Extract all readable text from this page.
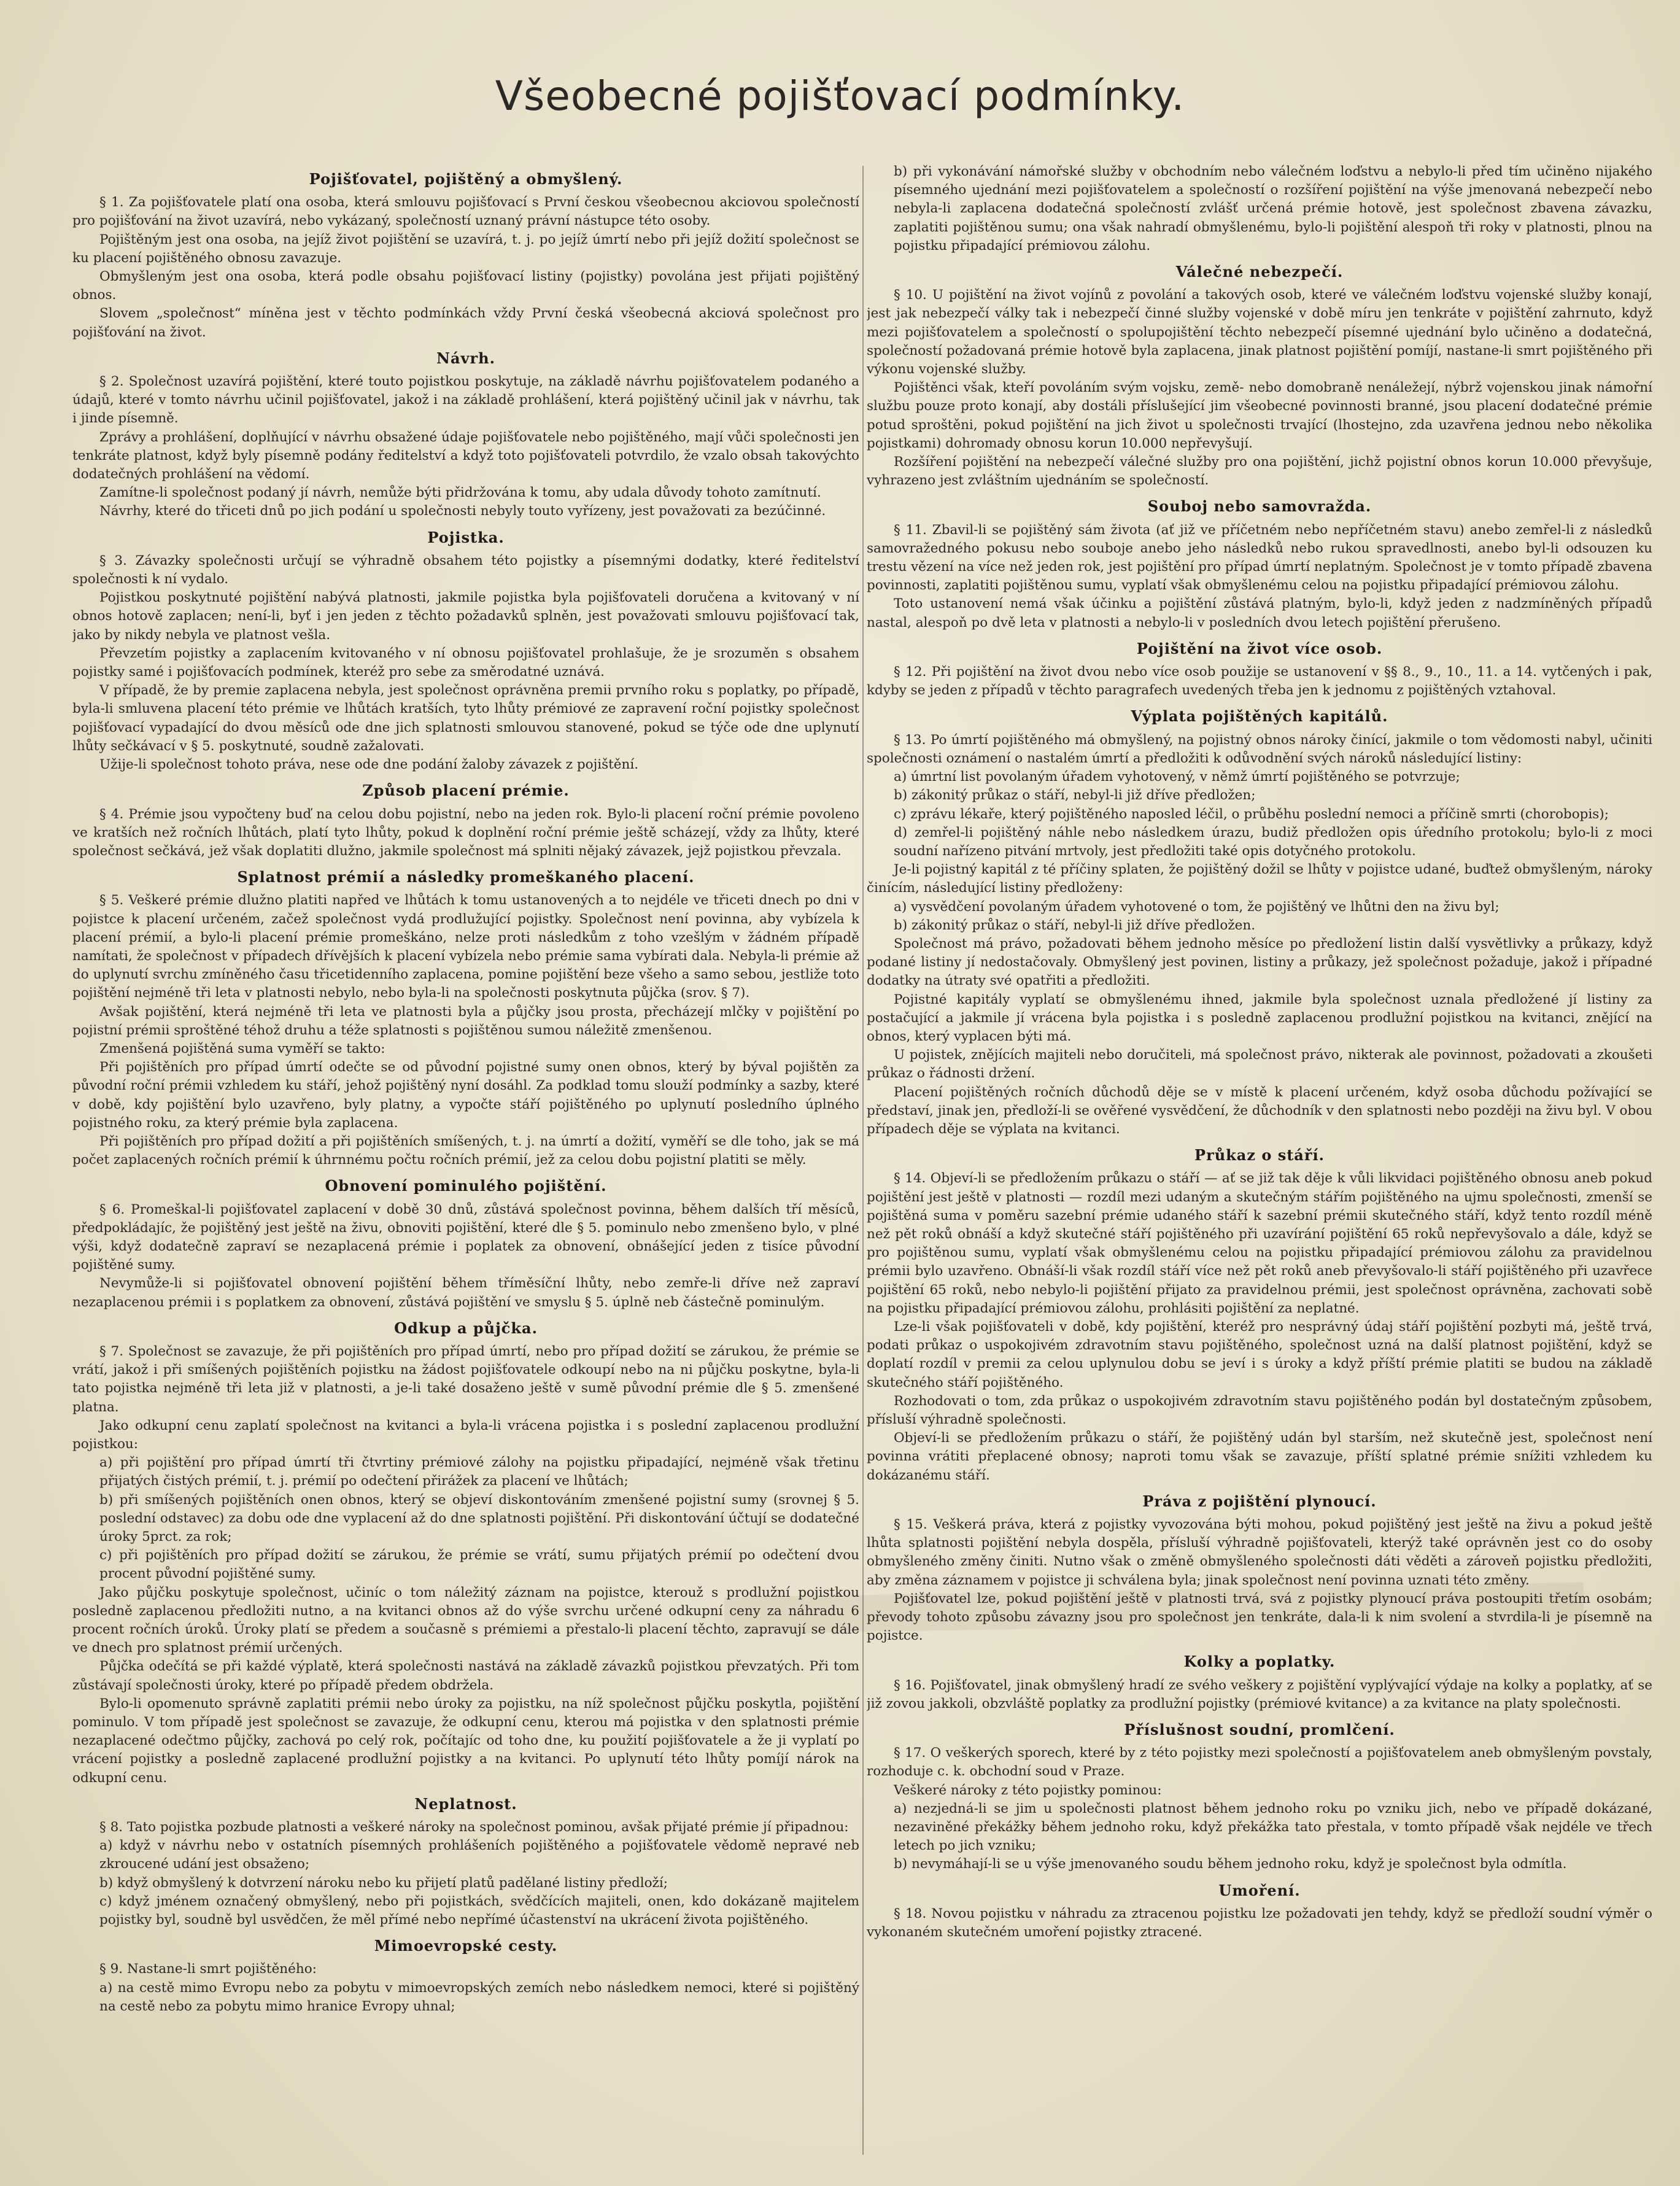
Všeobecné pojišťovací podmínky.
Pojišťovatel, pojištěný a obmyšlený.

§ 1. Za pojišťovatele platí ona osoba, která smlouvu pojišťovací s První českou všeobecnou akciovou společností pro pojišťování na život uzavírá, nebo vykázaný, společností uznaný právní nástupce této osoby.

Pojištěným jest ona osoba, na jejíž život pojištění se uzavírá, t. j. po jejíž úmrtí nebo při jejíž dožití společnost se ku placení pojištěného obnosu zavazuje.

Obmyšleným jest ona osoba, která podle obsahu pojišťovací listiny (pojistky) povolána jest přijati pojištěný obnos.

Slovem „společnost“ míněna jest v těchto podmínkách vždy První česká všeobecná akciová společnost pro pojišťování na život.

Návrh.

§ 2. Společnost uzavírá pojištění, které touto pojistkou poskytuje, na základě návrhu pojišťovatelem podaného a údajů, které v tomto návrhu učinil pojišťovatel, jakož i na základě prohlášení, která pojištěný učinil jak v návrhu, tak i jinde písemně.

Zprávy a prohlášení, doplňující v návrhu obsažené údaje pojišťovatele nebo pojištěného, mají vůči společnosti jen tenkráte platnost, když byly písemně podány ředitelství a když toto pojišťovateli potvrdilo, že vzalo obsah takovýchto dodatečných prohlášení na vědomí.

Zamítne-li společnost podaný jí návrh, nemůže býti přidržována k tomu, aby udala důvody tohoto zamítnutí.

Návrhy, které do třiceti dnů po jich podání u společnosti nebyly touto vyřízeny, jest považovati za bezúčinné.

Pojistka.

§ 3. Závazky společnosti určují se výhradně obsahem této pojistky a písemnými dodatky, které ředitelství společnosti k ní vydalo.

Pojistkou poskytnuté pojištění nabývá platnosti, jakmile pojistka byla pojišťovateli doručena a kvitovaný v ní obnos hotově zaplacen; není-li, byť i jen jeden z těchto požadavků splněn, jest považovati smlouvu pojišťovací tak, jako by nikdy nebyla ve platnost vešla.

Převzetím pojistky a zaplacením kvitovaného v ní obnosu pojišťovatel prohlašuje, že je srozuměn s obsahem pojistky samé i pojišťovacích podmínek, kteréž pro sebe za směrodatné uznává.

V případě, že by premie zaplacena nebyla, jest společnost oprávněna premii prvního roku s poplatky, po případě, byla-li smluvena placení této prémie ve lhůtách kratších, tyto lhůty prémiové ze zapravení roční pojistky společnost pojišťovací vypadající do dvou měsíců ode dne jich splatnosti smlouvou stanovené, pokud se týče ode dne uplynutí lhůty sečkávací v § 5. poskytnuté, soudně zažalovati.

Užije-li společnost tohoto práva, nese ode dne podání žaloby závazek z pojištění.

Způsob placení prémie.

§ 4. Prémie jsou vypočteny buď na celou dobu pojistní, nebo na jeden rok. Bylo-li placení roční prémie povoleno ve kratších než ročních lhůtách, platí tyto lhůty, pokud k doplnění roční prémie ještě scházejí, vždy za lhůty, které společnost sečkává, jež však doplatiti dlužno, jakmile společnost má splniti nějaký závazek, jejž pojistkou převzala.

Splatnost prémií a následky promeškaného placení.

§ 5. Veškeré prémie dlužno platiti napřed ve lhůtách k tomu ustanovených a to nejdéle ve třiceti dnech po dni v pojistce k placení určeném, začež společnost vydá prodlužující pojistky. Společnost není povinna, aby vybízela k placení prémií, a bylo-li placení prémie promeškáno, nelze proti následkům z toho vzešlým v žádném případě namítati, že společnost v případech dřívějších k placení vybízela nebo prémie sama vybírati dala. Nebyla-li prémie až do uplynutí svrchu zmíněného času třicetidenního zaplacena, pomine pojištění beze všeho a samo sebou, jestliže toto pojištění nejméně tři leta v platnosti nebylo, nebo byla-li na společnosti poskytnuta půjčka (srov. § 7).

Avšak pojištění, která nejméně tři leta ve platnosti byla a půjčky jsou prosta, přecházejí mlčky v pojištění po pojistní prémii sproštěné téhož druhu a téže splatnosti s pojištěnou sumou náležitě zmenšenou.

Zmenšená pojištěná suma vyměří se takto:

Při pojištěních pro případ úmrtí odečte se od původní pojistné sumy onen obnos, který by býval pojištěn za původní roční prémii vzhledem ku stáří, jehož pojištěný nyní dosáhl. Za podklad tomu slouží podmínky a sazby, které v době, kdy pojištění bylo uzavřeno, byly platny, a vypočte stáří pojištěného po uplynutí posledního úplného pojistného roku, za který prémie byla zaplacena.

Při pojištěních pro případ dožití a při pojištěních smíšených, t. j. na úmrtí a dožití, vyměří se dle toho, jak se má počet zaplacených ročních prémií k úhrnnému počtu ročních prémií, jež za celou dobu pojistní platiti se měly.

Obnovení pominulého pojištění.

§ 6. Promeškal-li pojišťovatel zaplacení v době 30 dnů, zůstává společnost povinna, během dalších tří měsíců, předpokládajíc, že pojištěný jest ještě na živu, obnoviti pojištění, které dle § 5. pominulo nebo zmenšeno bylo, v plné výši, když dodatečně zapraví se nezaplacená prémie i poplatek za obnovení, obnášející jeden z tisíce původní pojištěné sumy.

Nevymůže-li si pojišťovatel obnovení pojištění během tříměsíční lhůty, nebo zemře-li dříve než zapraví nezaplacenou prémii i s poplatkem za obnovení, zůstává pojištění ve smyslu § 5. úplně neb částečně pominulým.

Odkup a půjčka.

§ 7. Společnost se zavazuje, že při pojištěních pro případ úmrtí, nebo pro případ dožití se zárukou, že prémie se vrátí, jakož i při smíšených pojištěních pojistku na žádost pojišťovatele odkoupí nebo na ni půjčku poskytne, byla-li tato pojistka nejméně tři leta již v platnosti, a je-li také dosaženo ještě v sumě původní prémie dle § 5. zmenšené platna.

Jako odkupní cenu zaplatí společnost na kvitanci a byla-li vrácena pojistka i s poslední zaplacenou prodlužní pojistkou:

a) při pojištění pro případ úmrtí tři čtvrtiny prémiové zálohy na pojistku připadající, nejméně však třetinu přijatých čistých prémií, t. j. prémií po odečtení přirážek za placení ve lhůtách;

b) při smíšených pojištěních onen obnos, který se objeví diskontováním zmenšené pojistní sumy (srovnej § 5. poslední odstavec) za dobu ode dne vyplacení až do dne splatnosti pojištění. Při diskontování účtují se dodatečné úroky 5prct. za rok;

c) při pojištěních pro případ dožití se zárukou, že prémie se vrátí, sumu přijatých prémií po odečtení dvou procent původní pojištěné sumy.

Jako půjčku poskytuje společnost, učiníc o tom náležitý záznam na pojistce, kterouž s prodlužní pojistkou posledně zaplacenou předložiti nutno, a na kvitanci obnos až do výše svrchu určené odkupní ceny za náhradu 6 procent ročních úroků. Úroky platí se předem a současně s prémiemi a přestalo-li placení těchto, zapravují se dále ve dnech pro splatnost prémií určených.

Půjčka odečítá se při každé výplatě, která společnosti nastává na základě závazků pojistkou převzatých. Při tom zůstávají společnosti úroky, které po případě předem obdržela.

Bylo-li opomenuto správně zaplatiti prémii nebo úroky za pojistku, na níž společnost půjčku poskytla, pojištění pominulo. V tom případě jest společnost se zavazuje, že odkupní cenu, kterou má pojistka v den splatnosti prémie nezaplacené odečtmo půjčky, zachová po celý rok, počítajíc od toho dne, ku použití pojišťovatele a že ji vyplatí po vrácení pojistky a posledně zaplacené prodlužní pojistky a na kvitanci. Po uplynutí této lhůty pomíjí nárok na odkupní cenu.

Neplatnost.

§ 8. Tato pojistka pozbude platnosti a veškeré nároky na společnost pominou, avšak přijaté prémie jí připadnou:

a) když v návrhu nebo v ostatních písemných prohlášeních pojištěného a pojišťovatele vědomě nepravé neb zkroucené udání jest obsaženo;

b) když obmyšlený k dotvrzení nároku nebo ku přijetí platů padělané listiny předloží;

c) když jménem označený obmyšlený, nebo při pojistkách, svědčících majiteli, onen, kdo dokázaně majitelem pojistky byl, soudně byl usvědčen, že měl přímé nebo nepřímé účastenství na ukrácení života pojištěného.

Mimoevropské cesty.

§ 9. Nastane-li smrt pojištěného:

a) na cestě mimo Evropu nebo za pobytu v mimoevropských zemích nebo následkem nemoci, které si pojištěný na cestě nebo za pobytu mimo hranice Evropy uhnal;

b) při vykonávání námořské služby v obchodním nebo válečném loďstvu a nebylo-li před tím učiněno nijakého písemného ujednání mezi pojišťovatelem a společností o rozšíření pojištění na výše jmenovaná nebezpečí nebo nebyla-li zaplacena dodatečná společností zvlášť určená prémie hotově, jest společnost zbavena závazku, zaplatiti pojištěnou sumu; ona však nahradí obmyšlenému, bylo-li pojištění alespoň tři roky v platnosti, plnou na pojistku připadající prémiovou zálohu.

Válečné nebezpečí.

§ 10. U pojištění na život vojínů z povolání a takových osob, které ve válečném loďstvu vojenské služby konají, jest jak nebezpečí války tak i nebezpečí činné služby vojenské v době míru jen tenkráte v pojištění zahrnuto, když mezi pojišťovatelem a společností o spolupojištění těchto nebezpečí písemné ujednání bylo učiněno a dodatečná, společností požadovaná prémie hotově byla zaplacena, jinak platnost pojištění pomíjí, nastane-li smrt pojištěného při výkonu vojenské služby.

Pojištěnci však, kteří povoláním svým vojsku, země- nebo domobraně nenáležejí, nýbrž vojenskou jinak námořní službu pouze proto konají, aby dostáli příslušející jim všeobecné povinnosti branné, jsou placení dodatečné prémie potud sproštěni, pokud pojištění na jich život u společnosti trvající (lhostejno, zda uzavřena jednou nebo několika pojistkami) dohromady obnosu korun 10.000 nepřevyšují.

Rozšíření pojištění na nebezpečí válečné služby pro ona pojištění, jichž pojistní obnos korun 10.000 převyšuje, vyhrazeno jest zvláštním ujednáním se společností.

Souboj nebo samovražda.

§ 11. Zbavil-li se pojištěný sám života (ať již ve příčetném nebo nepříčetném stavu) anebo zemřel-li z následků samovražedného pokusu nebo souboje anebo jeho následků nebo rukou spravedlnosti, anebo byl-li odsouzen ku trestu vězení na více než jeden rok, jest pojištění pro případ úmrtí neplatným. Společnost je v tomto případě zbavena povinnosti, zaplatiti pojištěnou sumu, vyplatí však obmyšlenému celou na pojistku připadající prémiovou zálohu.

Toto ustanovení nemá však účinku a pojištění zůstává platným, bylo-li, když jeden z nadzmíněných případů nastal, alespoň po dvě leta v platnosti a nebylo-li v posledních dvou letech pojištění přerušeno.

Pojištění na život více osob.

§ 12. Při pojištění na život dvou nebo více osob použije se ustanovení v §§ 8., 9., 10., 11. a 14. vytčených i pak, kdyby se jeden z případů v těchto paragrafech uvedených třeba jen k jednomu z pojištěných vztahoval.

Výplata pojištěných kapitálů.

§ 13. Po úmrtí pojištěného má obmyšlený, na pojistný obnos nároky činící, jakmile o tom vědomosti nabyl, učiniti společnosti oznámení o nastalém úmrtí a předložiti k odůvodnění svých nároků následující listiny:

a) úmrtní list povolaným úřadem vyhotovený, v němž úmrtí pojištěného se potvrzuje;

b) zákonitý průkaz o stáří, nebyl-li již dříve předložen;

c) zprávu lékaře, který pojištěného naposled léčil, o průběhu poslední nemoci a příčině smrti (chorobopis);

d) zemřel-li pojištěný náhle nebo následkem úrazu, budiž předložen opis úředního protokolu; bylo-li z moci soudní nařízeno pitvání mrtvoly, jest předložiti také opis dotyčného protokolu.

Je-li pojistný kapitál z té příčiny splaten, že pojištěný dožil se lhůty v pojistce udané, buďtež obmyšleným, nároky činícím, následující listiny předloženy:

a) vysvědčení povolaným úřadem vyhotovené o tom, že pojištěný ve lhůtni den na živu byl;

b) zákonitý průkaz o stáří, nebyl-li již dříve předložen.

Společnost má právo, požadovati během jednoho měsíce po předložení listin další vysvětlivky a průkazy, když podané listiny jí nedostačovaly. Obmyšlený jest povinen, listiny a průkazy, jež společnost požaduje, jakož i případné dodatky na útraty své opatřiti a předložiti.

Pojistné kapitály vyplatí se obmyšlenému ihned, jakmile byla společnost uznala předložené jí listiny za postačující a jakmile jí vrácena byla pojistka i s posledně zaplacenou prodlužní pojistkou na kvitanci, znějící na obnos, který vyplacen býti má.

U pojistek, znějících majiteli nebo doručiteli, má společnost právo, nikterak ale povinnost, požadovati a zkoušeti průkaz o řádnosti držení.

Placení pojištěných ročních důchodů děje se v místě k placení určeném, když osoba důchodu požívající se představí, jinak jen, předloží-li se ověřené vysvědčení, že důchodník v den splatnosti nebo později na živu byl. V obou případech děje se výplata na kvitanci.

Průkaz o stáří.

§ 14. Objeví-li se předložením průkazu o stáří — ať se již tak děje k vůli likvidaci pojištěného obnosu aneb pokud pojištění jest ještě v platnosti — rozdíl mezi udaným a skutečným stářím pojištěného na ujmu společnosti, zmenší se pojištěná suma v poměru sazební prémie udaného stáří k sazební prémii skutečného stáří, když tento rozdíl méně než pět roků obnáší a když skutečné stáří pojištěného při uzavírání pojištění 65 roků nepřevyšovalo a dále, když se pro pojištěnou sumu, vyplatí však obmyšlenému celou na pojistku připadající prémiovou zálohu za pravidelnou prémii bylo uzavřeno. Obnáší-li však rozdíl stáří více než pět roků aneb převyšovalo-li stáří pojištěného při uzavřece pojištění 65 roků, nebo nebylo-li pojištění přijato za pravidelnou prémii, jest společnost oprávněna, zachovati sobě na pojistku připadající prémiovou zálohu, prohlásiti pojištění za neplatné.

Lze-li však pojišťovateli v době, kdy pojištění, kteréž pro nesprávný údaj stáří pojištění pozbyti má, ještě trvá, podati průkaz o uspokojivém zdravotním stavu pojištěného, společnost uzná na další platnost pojištění, když se doplatí rozdíl v premii za celou uplynulou dobu se jeví i s úroky a když příští prémie platiti se budou na základě skutečného stáří pojištěného.

Rozhodovati o tom, zda průkaz o uspokojivém zdravotním stavu pojištěného podán byl dostatečným způsobem, přísluší výhradně společnosti.

Objeví-li se předložením průkazu o stáří, že pojištěný udán byl starším, než skutečně jest, společnost není povinna vrátiti přeplacené obnosy; naproti tomu však se zavazuje, příští splatné prémie snížiti vzhledem ku dokázanému stáří.

Práva z pojištění plynoucí.

§ 15. Veškerá práva, která z pojistky vyvozována býti mohou, pokud pojištěný jest ještě na živu a pokud ještě lhůta splatnosti pojištění nebyla dospěla, přísluší výhradně pojišťovateli, kterýž také oprávněn jest co do osoby obmyšleného změny činiti. Nutno však o změně obmyšleného společnosti dáti věděti a zároveň pojistku předložiti, aby změna záznamem v pojistce ji schválena byla; jinak společnost není povinna uznati této změny.

Pojišťovatel lze, pokud pojištění ještě v platnosti trvá, svá z pojistky plynoucí práva postoupiti třetím osobám; převody tohoto způsobu závazny jsou pro společnost jen tenkráte, dala-li k nim svolení a stvrdila-li je písemně na pojistce.

Kolky a poplatky.

§ 16. Pojišťovatel, jinak obmyšlený hradí ze svého veškery z pojištění vyplývající výdaje na kolky a poplatky, ať se již zovou jakkoli, obzvláště poplatky za prodlužní pojistky (prémiové kvitance) a za kvitance na platy společnosti.

Příslušnost soudní, promlčení.

§ 17. O veškerých sporech, které by z této pojistky mezi společností a pojišťovatelem aneb obmyšleným povstaly, rozhoduje c. k. obchodní soud v Praze.

Veškeré nároky z této pojistky pominou:

a) nezjedná-li se jim u společnosti platnost během jednoho roku po vzniku jich, nebo ve případě dokázané, nezaviněné překážky během jednoho roku, když překážka tato přestala, v tomto případě však nejdéle ve třech letech po jich vzniku;

b) nevymáhají-li se u výše jmenovaného soudu během jednoho roku, když je společnost byla odmítla.

Umoření.

§ 18. Novou pojistku v náhradu za ztracenou pojistku lze požadovati jen tehdy, když se předloží soudní výměr o vykonaném skutečném umoření pojistky ztracené.
